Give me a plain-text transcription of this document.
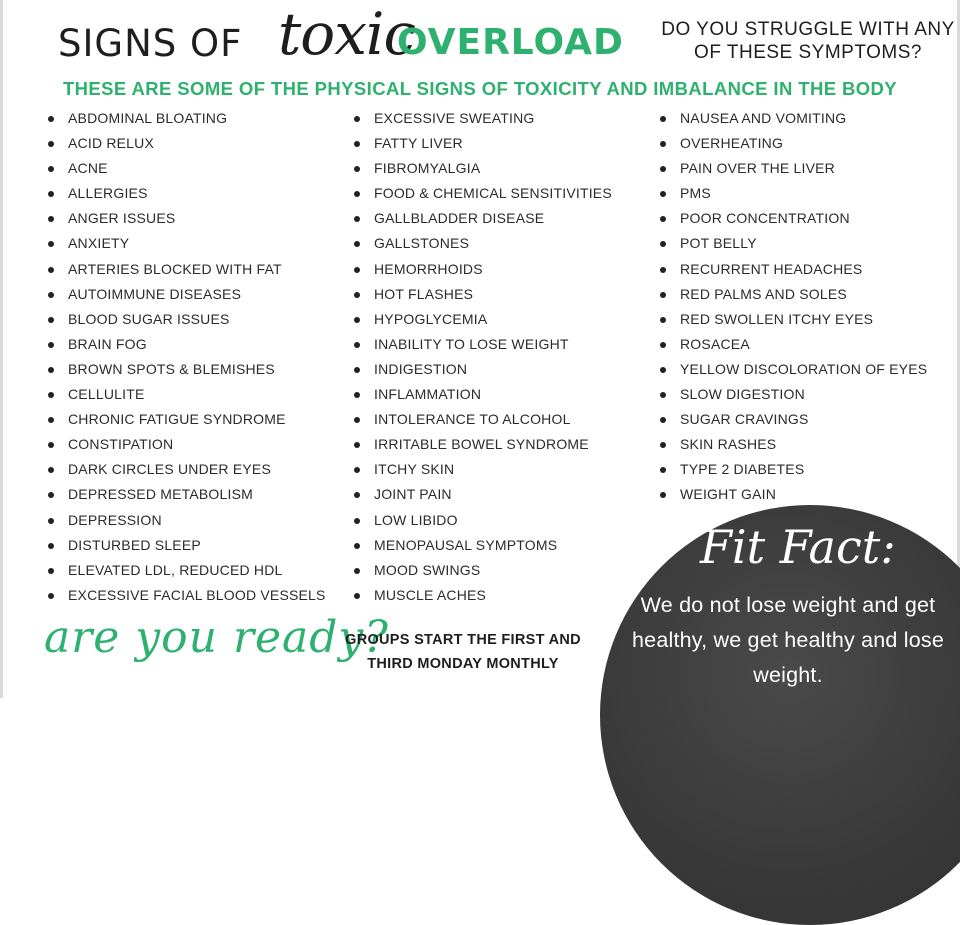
SIGNS OF toxic
OVERLOAD DO YOU STRUGGLE WITH ANY OF THESE SYMPTOMS?
THESE ARE SOME OF THE PHYSICAL SIGNS OF TOXICITY AND IMBALANCE IN THE BODY
ABDOMINAL BLOATING
ACID RELUX
ACNE
ALLERGIES
ANGER ISSUES
ANXIETY
ARTERIES BLOCKED WITH FAT
AUTOIMMUNE DISEASES
BLOOD SUGAR ISSUES
BRAIN FOG
BROWN SPOTS & BLEMISHES
CELLULITE
CHRONIC FATIGUE SYNDROME
CONSTIPATION
DARK CIRCLES UNDER EYES
DEPRESSED METABOLISM
DEPRESSION
DISTURBED SLEEP
ELEVATED LDL, REDUCED HDL
EXCESSIVE FACIAL BLOOD VESSELS
EXCESSIVE SWEATING
FATTY LIVER
FIBROMYALGIA
FOOD & CHEMICAL SENSITIVITIES
GALLBLADDER DISEASE
GALLSTONES
HEMORRHOIDS
HOT FLASHES
HYPOGLYCEMIA
INABILITY TO LOSE WEIGHT
INDIGESTION
INFLAMMATION
INTOLERANCE TO ALCOHOL
IRRITABLE BOWEL SYNDROME
ITCHY SKIN
JOINT PAIN
LOW LIBIDO
MENOPAUSAL SYMPTOMS
MOOD SWINGS
MUSCLE ACHES
NAUSEA AND VOMITING
OVERHEATING
PAIN OVER THE LIVER
PMS
POOR CONCENTRATION
POT BELLY
RECURRENT HEADACHES
RED PALMS AND SOLES
RED SWOLLEN ITCHY EYES
ROSACEA
YELLOW DISCOLORATION OF EYES
SLOW DIGESTION
SUGAR CRAVINGS
SKIN RASHES
TYPE 2 DIABETES
WEIGHT GAIN
are you ready?
GROUPS START THE FIRST AND THIRD MONDAY MONTHLY
Fit Fact:
We do not lose weight and get healthy, we get healthy and lose weight.
